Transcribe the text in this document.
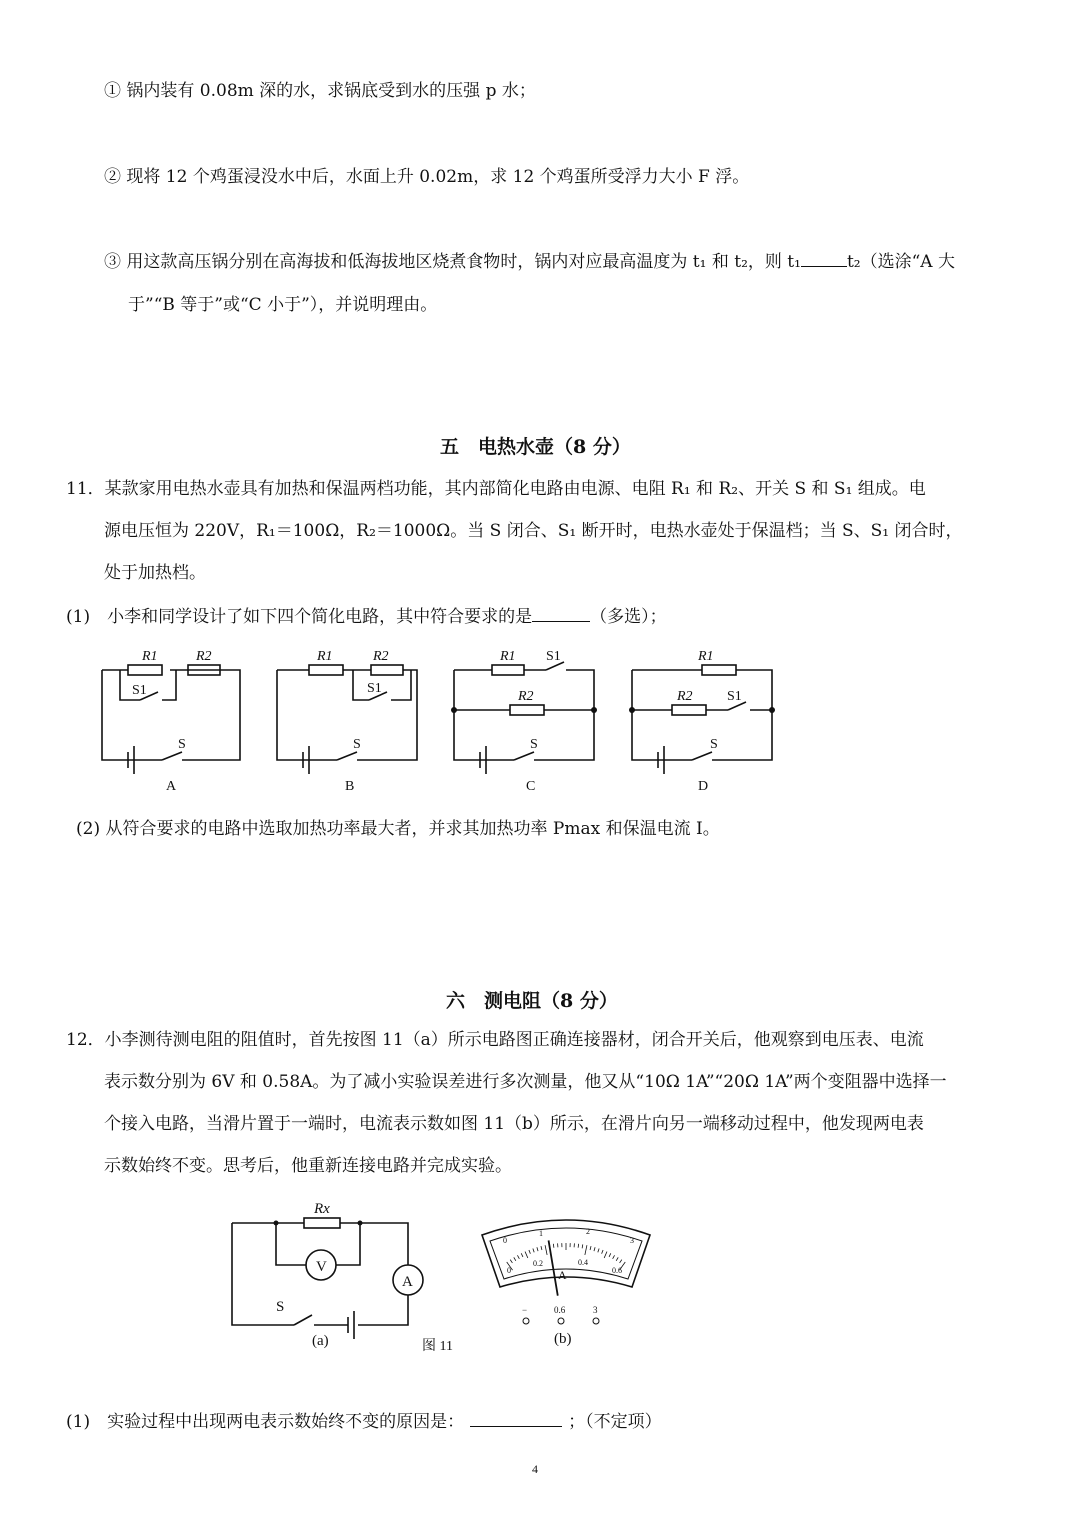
① 锅内装有 0.08m 深的水，求锅底受到水的压强 p 水；
② 现将 12 个鸡蛋浸没水中后，水面上升 0.02m，求 12 个鸡蛋所受浮力大小 F 浮。
③ 用这款高压锅分别在高海拔和低海拔地区烧煮食物时，锅内对应最高温度为 t₁ 和 t₂，则 t₁	t₂（选涂“A 大
于”“B 等于”或“C 小于”），并说明理由。
五　电热水壶（8 分）
11．某款家用电热水壶具有加热和保温两档功能，其内部简化电路由电源、电阻 R₁ 和 R₂、开关 S 和 S₁ 组成。电
源电压恒为 220V，R₁＝100Ω，R₂＝1000Ω。当 S 闭合、S₁ 断开时，电热水壶处于保温档；当 S、S₁ 闭合时，
处于加热档。
(1)　小李和同学设计了如下四个简化电路，其中符合要求的是	（多选）；
R1	R2
S1
S
R1	R2
S1
S
R1 S1
R2
S
R1
R2 S1
S
A	B	C	D
(2) 从符合要求的电路中选取加热功率最大者，并求其加热功率 Pmax 和保温电流 I。
六　测电阻（8 分）
12．小李测待测电阻的阻值时，首先按图 11（a）所示电路图正确连接器材，闭合开关后，他观察到电压表、电流
表示数分别为 6V 和 0.58A。为了减小实验误差进行多次测量，他又从“10Ω 1A”“20Ω 1A”两个变阻器中选择一
个接入电路，当滑片置于一端时，电流表示数如图 11（b）所示，在滑片向另一端移动过程中，他发现两电表
示数始终不变。思考后，他重新连接电路并完成实验。
Rx
V
A
S
(a)	图 11	(b)
0
1	2
3
0
0.2	0.4
0.6
A
−	0.6	3
(1)　实验过程中出现两电表示数始终不变的原因是：	；（不定项）
4
